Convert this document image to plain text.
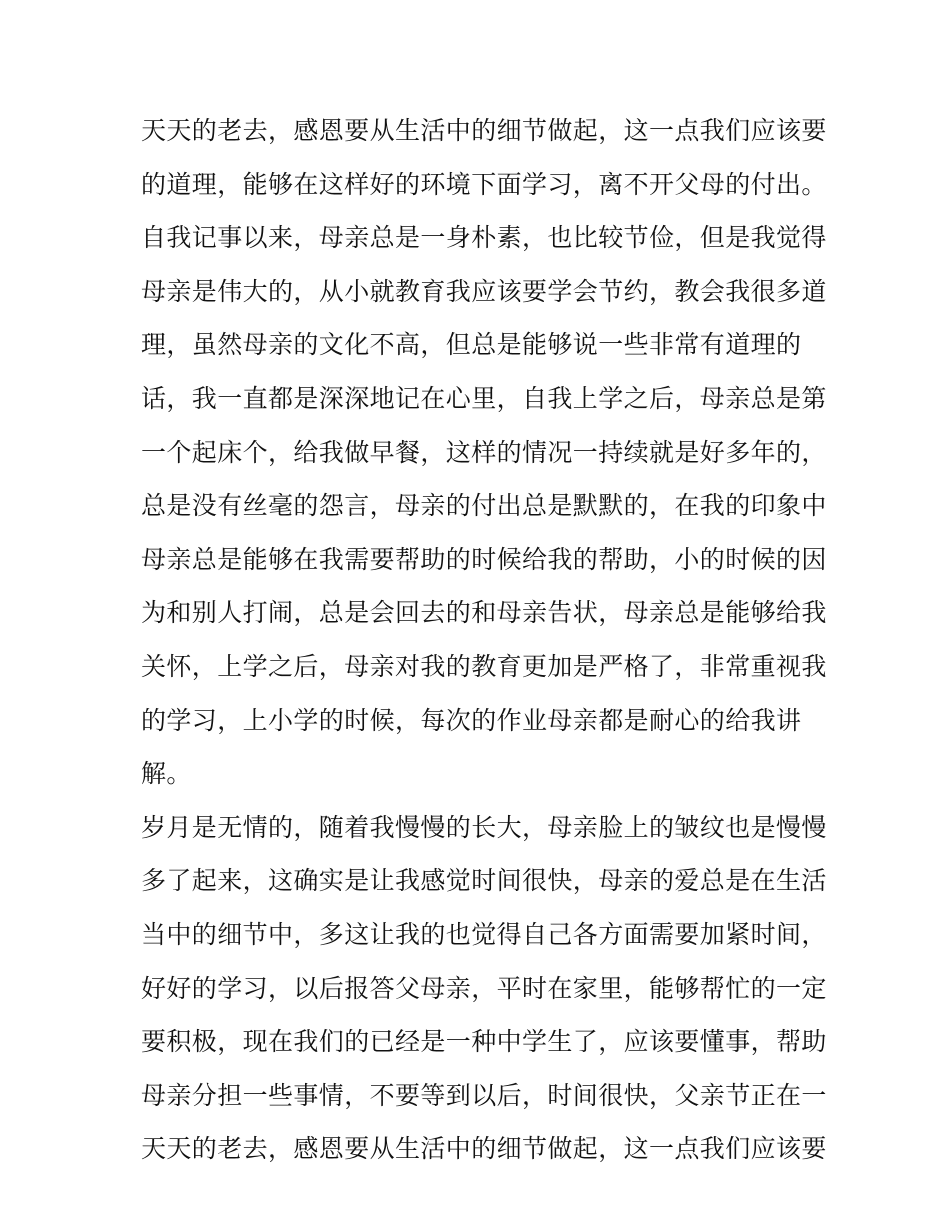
天天的老去，感恩要从生活中的细节做起，这一点我们应该要
的道理，能够在这样好的环境下面学习，离不开父母的付出。
自我记事以来，母亲总是一身朴素，也比较节俭，但是我觉得
母亲是伟大的，从小就教育我应该要学会节约，教会我很多道
理，虽然母亲的文化不高，但总是能够说一些非常有道理的
话，我一直都是深深地记在心里，自我上学之后，母亲总是第
一个起床个，给我做早餐，这样的情况一持续就是好多年的，
总是没有丝毫的怨言，母亲的付出总是默默的，在我的印象中
母亲总是能够在我需要帮助的时候给我的帮助，小的时候的因
为和别人打闹，总是会回去的和母亲告状，母亲总是能够给我
关怀，上学之后，母亲对我的教育更加是严格了，非常重视我
的学习，上小学的时候，每次的作业母亲都是耐心的给我讲
解。
岁月是无情的，随着我慢慢的长大，母亲脸上的皱纹也是慢慢
多了起来，这确实是让我感觉时间很快，母亲的爱总是在生活
当中的细节中，多这让我的也觉得自己各方面需要加紧时间，
好好的学习，以后报答父母亲，平时在家里，能够帮忙的一定
要积极，现在我们的已经是一种中学生了，应该要懂事，帮助
母亲分担一些事情，不要等到以后，时间很快，父亲节正在一
天天的老去，感恩要从生活中的细节做起，这一点我们应该要
